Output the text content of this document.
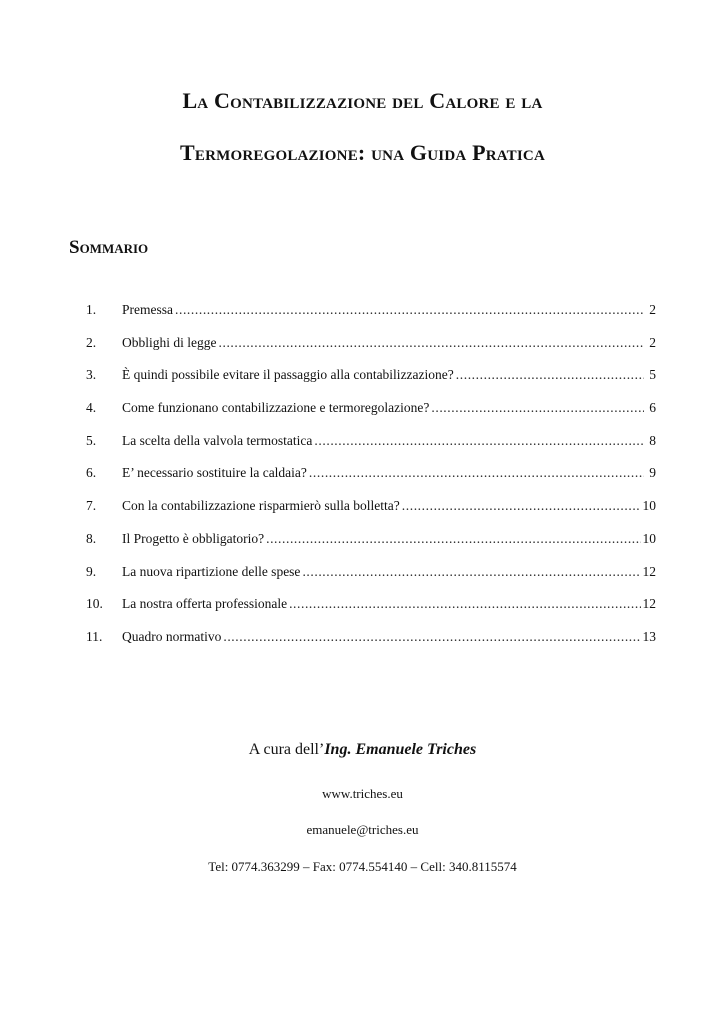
La Contabilizzazione del Calore e la
Termoregolazione: una Guida Pratica
Sommario
1.	Premessa .....	2
2.	Obblighi di legge .....	2
3.	È quindi possibile evitare il passaggio alla contabilizzazione? .....	5
4.	Come funzionano contabilizzazione e termoregolazione? .....	6
5.	La scelta della valvola termostatica .....	8
6.	E’ necessario sostituire la caldaia? .....	9
7.	Con la contabilizzazione risparmierò sulla bolletta? .....	10
8.	Il Progetto è obbligatorio? .....	10
9.	La nuova ripartizione delle spese .....	12
10.	La nostra offerta professionale .....	12
11.	Quadro normativo .....	13
A cura dell’Ing. Emanuele Triches
www.triches.eu
emanuele@triches.eu
Tel: 0774.363299 – Fax: 0774.554140 – Cell: 340.8115574
